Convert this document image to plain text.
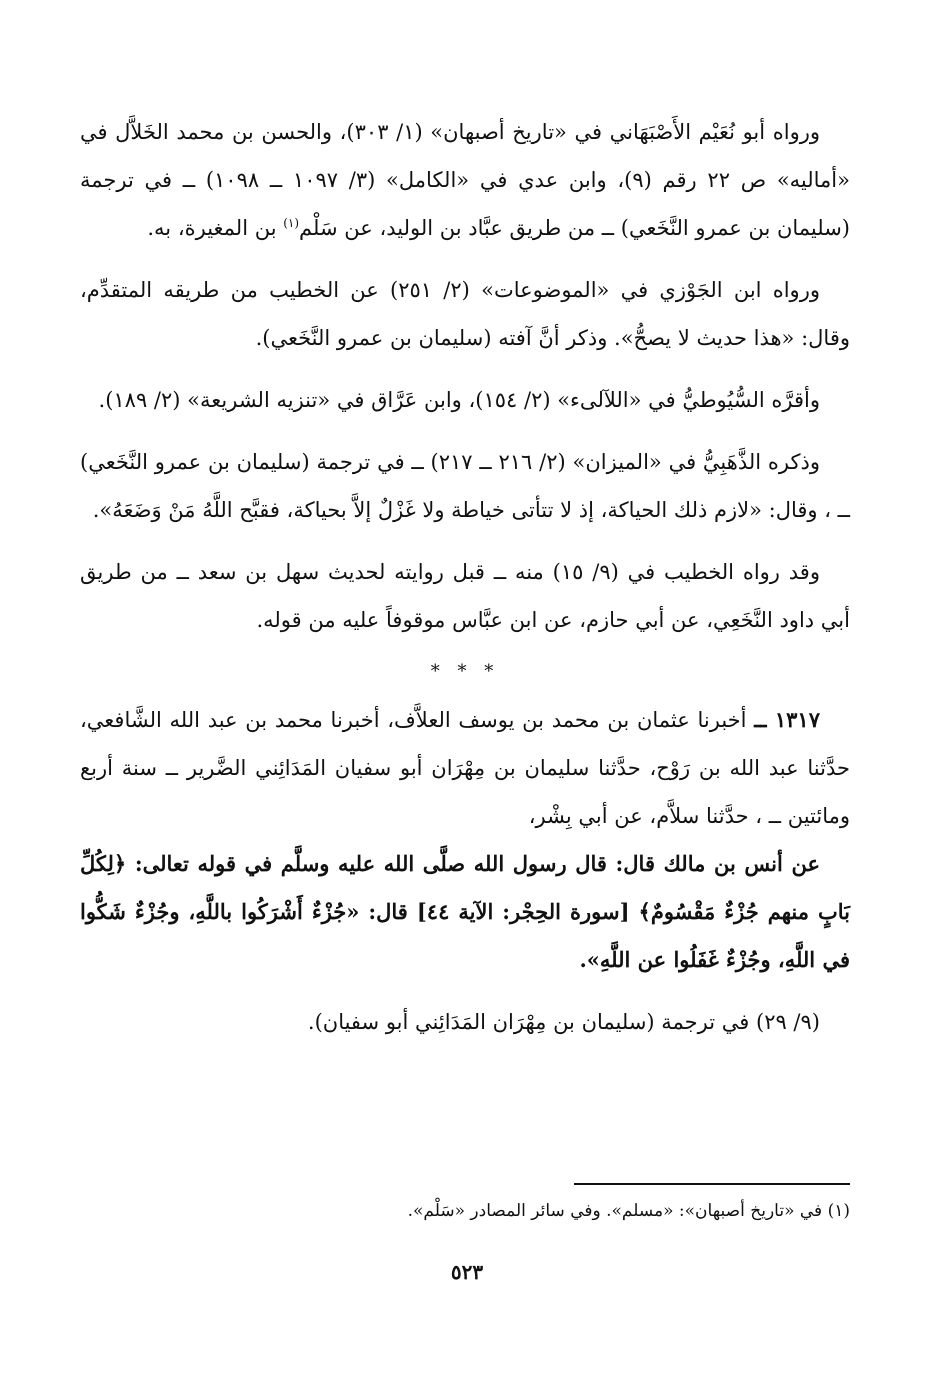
ورواه أبو نُعَيْم الأَصْبَهَاني في «تاريخ أصبهان» (١/ ٣٠٣)، والحسن بن محمد الخَلاَّل في «أماليه» ص ٢٢ رقم (٩)، وابن عدي في «الكامل» (٣/ ١٠٩٧ ــ ١٠٩٨) ــ في ترجمة (سليمان بن عمرو النَّخَعي) ــ من طريق عبَّاد بن الوليد، عن سَلْم$^{(١)}$ بن المغيرة، به.

ورواه ابن الجَوْزي في «الموضوعات» (٢/ ٢٥١) عن الخطيب من طريقه المتقدِّم، وقال: «هذا حديث لا يصحُّ». وذكر أنَّ آفته (سليمان بن عمرو النَّخَعي).

وأقرَّه السُّيُوطيُّ في «اللآلىء» (٢/ ١٥٤)، وابن عَرَّاق في «تنزيه الشريعة» (٢/ ١٨٩).

وذكره الذَّهَبِيُّ في «الميزان» (٢/ ٢١٦ ــ ٢١٧) ــ في ترجمة (سليمان بن عمرو النَّخَعي) ــ ، وقال: «لازم ذلك الحياكة، إذ لا تتأتى خياطة ولا غَزْلٌ إلاَّ بحياكة، فقبَّح اللَّهُ مَنْ وَضَعَهُ».

وقد رواه الخطيب في (٩/ ١٥) منه ــ قبل روايته لحديث سهل بن سعد ــ من طريق أبي داود النَّخَعِي، عن أبي حازم، عن ابن عبَّاس موقوفاً عليه من قوله.

* * *

١٣١٧ ــ أخبرنا عثمان بن محمد بن يوسف العلاَّف، أخبرنا محمد بن عبد الله الشَّافعي، حدَّثنا عبد الله بن رَوْح، حدَّثنا سليمان بن مِهْرَان أبو سفيان المَدَائِني الضَّرير ــ سنة أربع ومائتين ــ ، حدَّثنا سلاَّم، عن أبي بِشْر،

عن أنس بن مالك قال: قال رسول الله صلَّى الله عليه وسلَّم في قوله تعالى: ﴿لِكُلِّ بَابٍ منهم جُزْءٌ مَقْسُومٌ﴾ [سورة الحِجْر: الآية ٤٤] قال: «جُزْءٌ أَشْرَكُوا باللَّهِ، وجُزْءٌ شَكُّوا في اللَّهِ، وجُزْءٌ غَفَلُوا عن اللَّهِ».

(٩/ ٢٩) في ترجمة (سليمان بن مِهْرَان المَدَائِني أبو سفيان).

(١) في «تاريخ أصبهان»: «مسلم». وفي سائر المصادر «سَلْم».
٥٢٣
